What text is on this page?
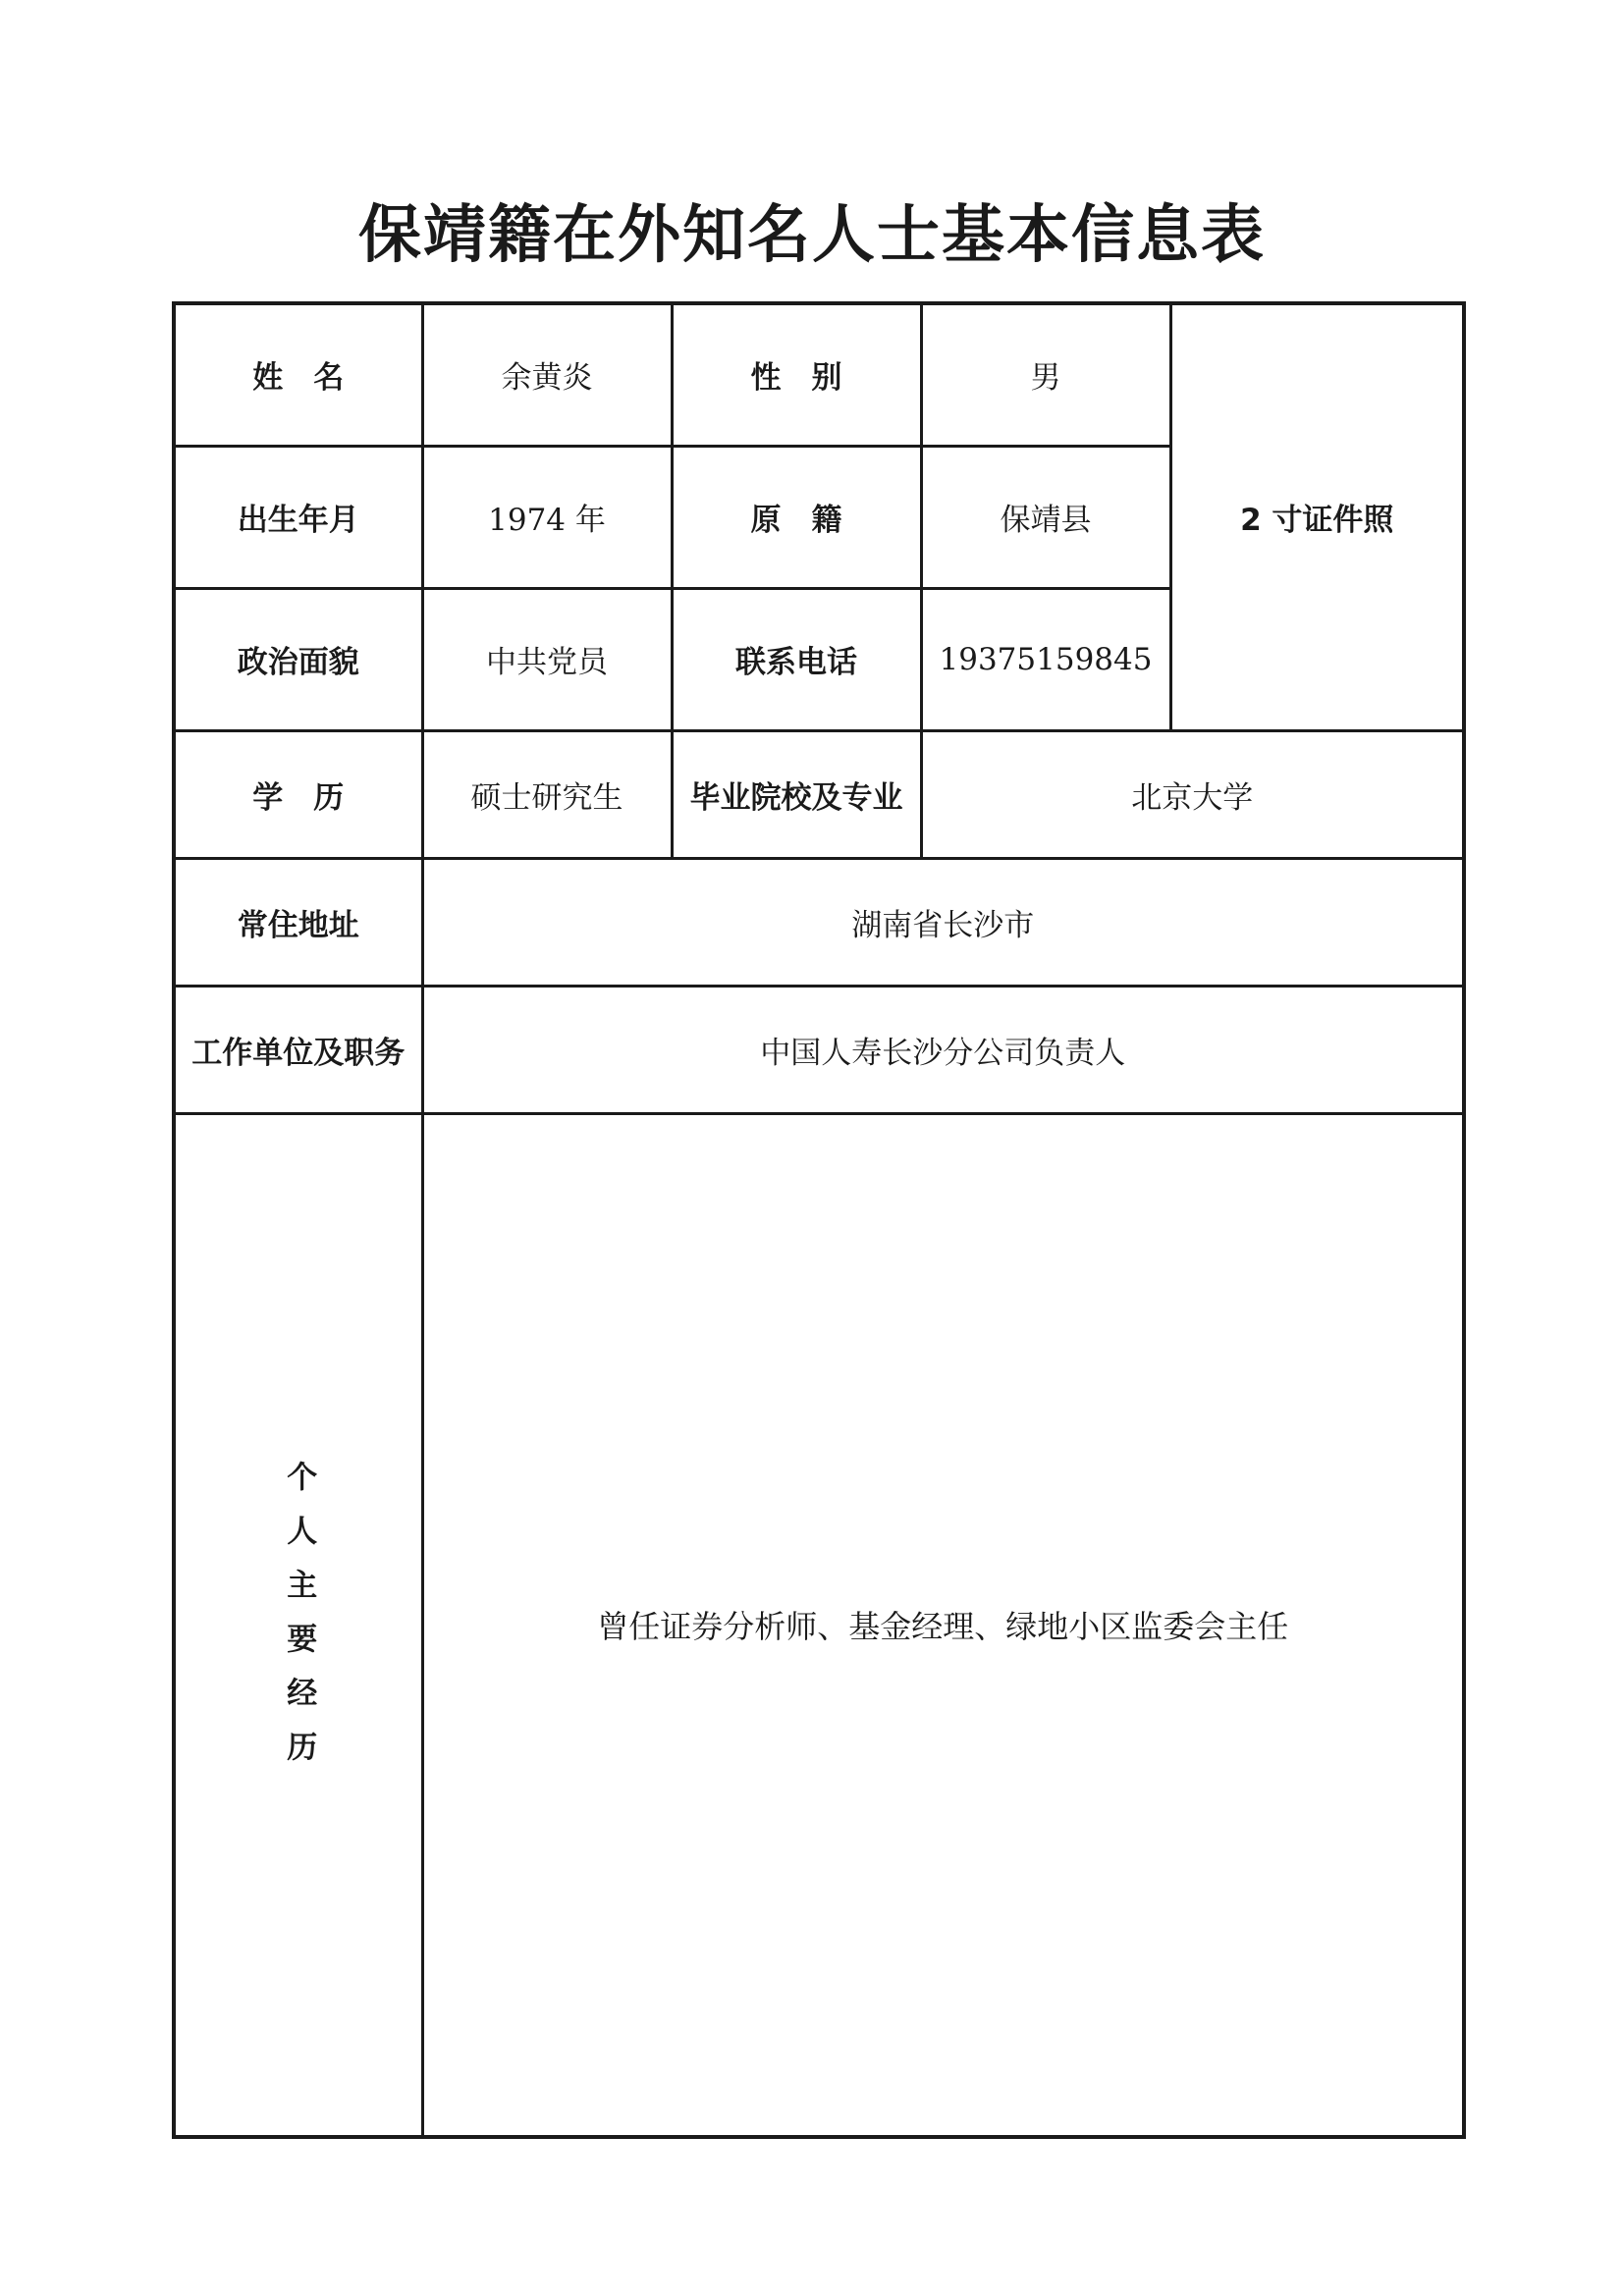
保靖籍在外知名人士基本信息表
姓　名	余黄炎	性　别	男	2 寸证件照
出生年月	1974 年	原　籍	保靖县	
政治面貌	中共党员	联系电话	19375159845	
学　历	硕士研究生	毕业院校及专业	北京大学	
常住地址	湖南省长沙市			
工作单位及职务	中国人寿长沙分公司负责人			
个人主要经历	曾任证券分析师、基金经理、绿地小区监委会主任			
